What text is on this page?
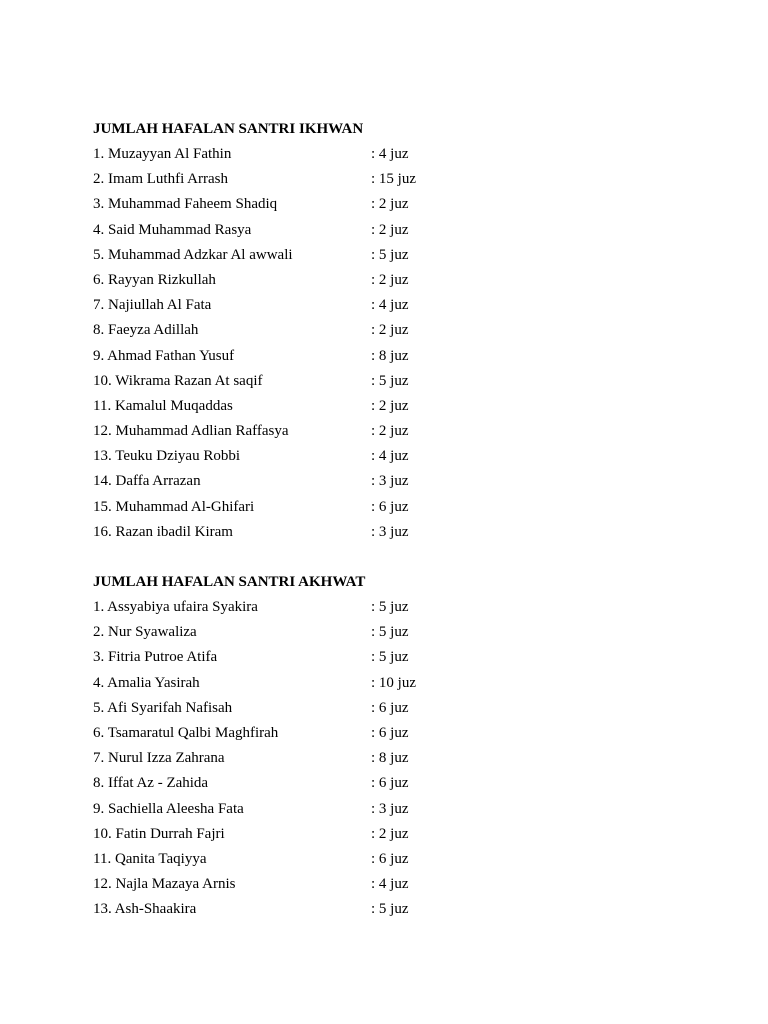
JUMLAH HAFALAN SANTRI IKHWAN
1. Muzayyan Al Fathin	: 4 juz
2. Imam Luthfi Arrash	: 15 juz
3. Muhammad Faheem Shadiq	: 2 juz
4. Said Muhammad Rasya	: 2 juz
5. Muhammad Adzkar Al awwali	: 5 juz
6. Rayyan Rizkullah	: 2 juz
7. Najiullah Al Fata	: 4 juz
8. Faeyza Adillah	: 2 juz
9. Ahmad Fathan Yusuf	: 8 juz
10. Wikrama Razan At saqif	: 5 juz
11. Kamalul Muqaddas	: 2 juz
12. Muhammad Adlian Raffasya	: 2 juz
13. Teuku Dziyau Robbi	: 4 juz
14. Daffa Arrazan	: 3 juz
15. Muhammad Al-Ghifari	: 6 juz
16. Razan ibadil Kiram	: 3 juz
JUMLAH HAFALAN SANTRI AKHWAT
1. Assyabiya ufaira Syakira	: 5 juz
2. Nur Syawaliza	: 5 juz
3. Fitria Putroe Atifa	: 5 juz
4. Amalia Yasirah	: 10 juz
5. Afi Syarifah Nafisah	: 6 juz
6. Tsamaratul Qalbi Maghfirah	: 6 juz
7. Nurul Izza Zahrana	: 8 juz
8. Iffat Az - Zahida	: 6 juz
9. Sachiella Aleesha Fata	: 3 juz
10. Fatin Durrah Fajri	: 2 juz
11. Qanita Taqiyya	: 6 juz
12. Najla Mazaya Arnis	: 4 juz
13. Ash-Shaakira	: 5 juz
